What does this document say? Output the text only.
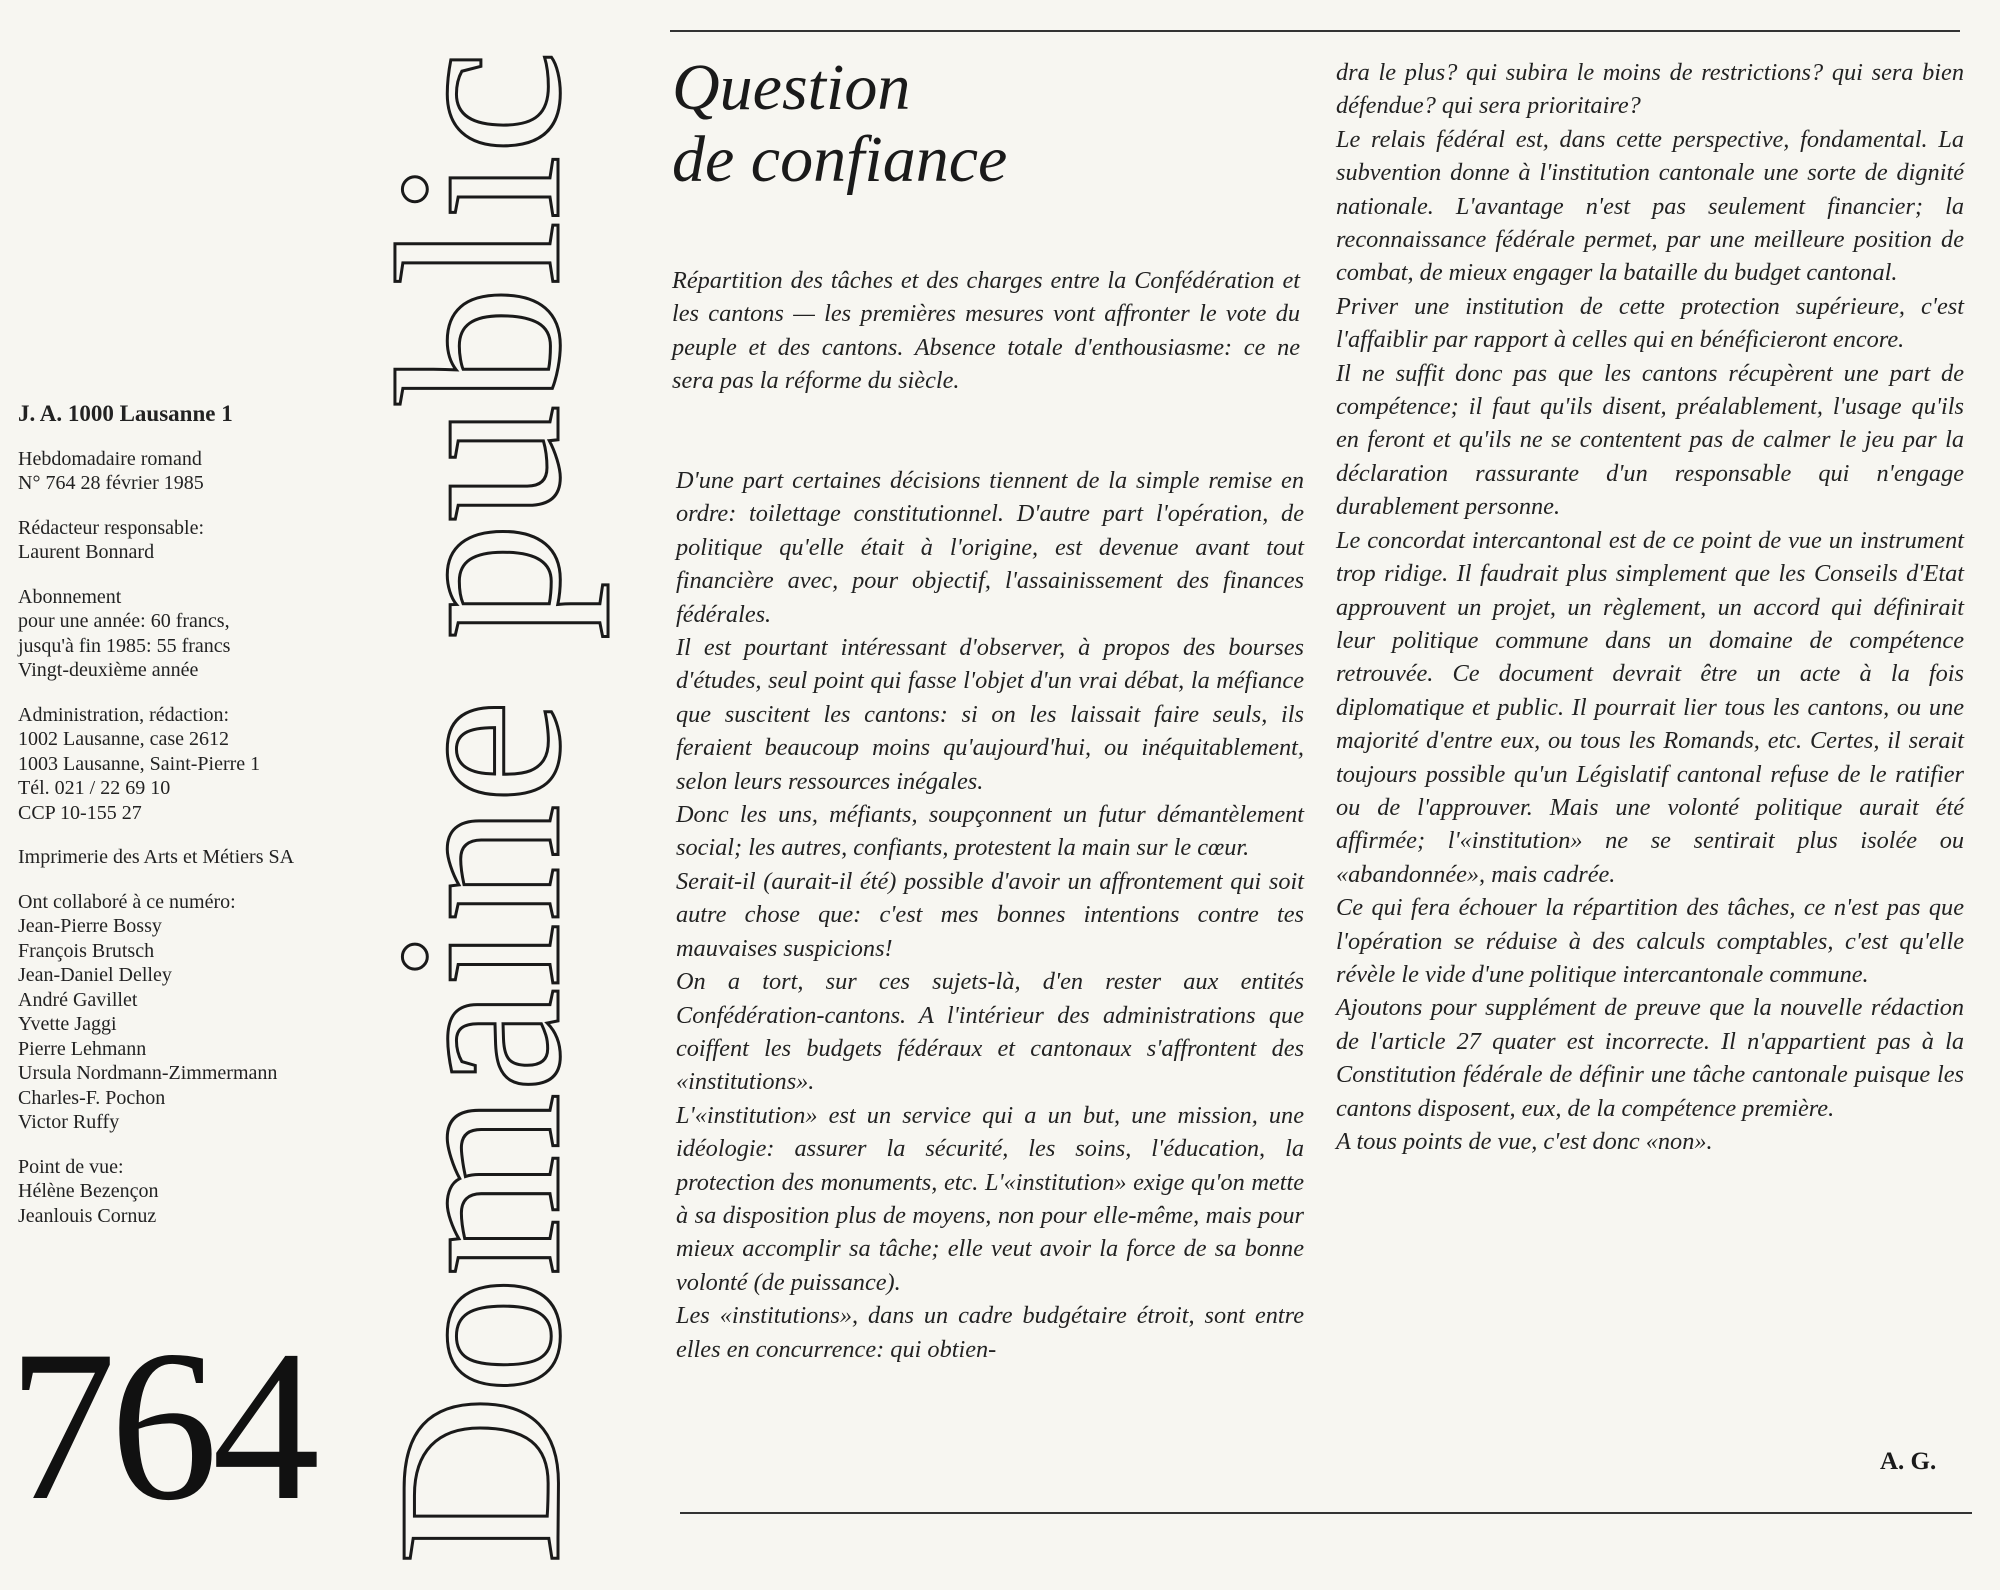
J. A. 1000 Lausanne 1
Hebdomadaire romand
N° 764 28 février 1985
Rédacteur responsable:
Laurent Bonnard
Abonnement
pour une année: 60 francs,
jusqu'à fin 1985: 55 francs
Vingt-deuxième année
Administration, rédaction:
1002 Lausanne, case 2612
1003 Lausanne, Saint-Pierre 1
Tél. 021 / 22 69 10
CCP 10-155 27
Imprimerie des Arts et Métiers SA
Ont collaboré à ce numéro:
Jean-Pierre Bossy
François Brutsch
Jean-Daniel Delley
André Gavillet
Yvette Jaggi
Pierre Lehmann
Ursula Nordmann-Zimmermann
Charles-F. Pochon
Victor Ruffy
Point de vue:
Hélène Bezençon
Jeanlouis Cornuz
764 Domaine public Question
de confiance
Répartition des tâches et des charges entre la Confédération et les cantons — les premières mesures vont affronter le vote du peuple et des cantons. Absence totale d'enthousiasme: ce ne sera pas la réforme du siècle.

D'une part certaines décisions tiennent de la simple remise en ordre: toilettage constitutionnel. D'autre part l'opération, de politique qu'elle était à l'origine, est devenue avant tout financière avec, pour objectif, l'assainissement des finances fédérales.

Il est pourtant intéressant d'observer, à propos des bourses d'études, seul point qui fasse l'objet d'un vrai débat, la méfiance que suscitent les cantons: si on les laissait faire seuls, ils feraient beaucoup moins qu'aujourd'hui, ou inéquitablement, selon leurs ressources inégales.

Donc les uns, méfiants, soupçonnent un futur démantèlement social; les autres, confiants, protestent la main sur le cœur.

Serait-il (aurait-il été) possible d'avoir un affrontement qui soit autre chose que: c'est mes bonnes intentions contre tes mauvaises suspicions!

On a tort, sur ces sujets-là, d'en rester aux entités Confédération-cantons. A l'intérieur des administrations que coiffent les budgets fédéraux et cantonaux s'affrontent des «institutions».

L'«institution» est un service qui a un but, une mission, une idéologie: assurer la sécurité, les soins, l'éducation, la protection des monuments, etc. L'«institution» exige qu'on mette à sa disposition plus de moyens, non pour elle-même, mais pour mieux accomplir sa tâche; elle veut avoir la force de sa bonne volonté (de puissance).

Les «institutions», dans un cadre budgétaire étroit, sont entre elles en concurrence: qui obtien-

dra le plus? qui subira le moins de restrictions? qui sera bien défendue? qui sera prioritaire?

Le relais fédéral est, dans cette perspective, fondamental. La subvention donne à l'institution cantonale une sorte de dignité nationale. L'avantage n'est pas seulement financier; la reconnaissance fédérale permet, par une meilleure position de combat, de mieux engager la bataille du budget cantonal.

Priver une institution de cette protection supérieure, c'est l'affaiblir par rapport à celles qui en bénéficieront encore.

Il ne suffit donc pas que les cantons récupèrent une part de compétence; il faut qu'ils disent, préalablement, l'usage qu'ils en feront et qu'ils ne se contentent pas de calmer le jeu par la déclaration rassurante d'un responsable qui n'engage durablement personne.

Le concordat intercantonal est de ce point de vue un instrument trop ridige. Il faudrait plus simplement que les Conseils d'Etat approuvent un projet, un règlement, un accord qui définirait leur politique commune dans un domaine de compétence retrouvée. Ce document devrait être un acte à la fois diplomatique et public. Il pourrait lier tous les cantons, ou une majorité d'entre eux, ou tous les Romands, etc. Certes, il serait toujours possible qu'un Législatif cantonal refuse de le ratifier ou de l'approuver. Mais une volonté politique aurait été affirmée; l'«institution» ne se sentirait plus isolée ou «abandonnée», mais cadrée.

Ce qui fera échouer la répartition des tâches, ce n'est pas que l'opération se réduise à des calculs comptables, c'est qu'elle révèle le vide d'une politique intercantonale commune.

Ajoutons pour supplément de preuve que la nouvelle rédaction de l'article 27 quater est incorrecte. Il n'appartient pas à la Constitution fédérale de définir une tâche cantonale puisque les cantons disposent, eux, de la compétence première.

A tous points de vue, c'est donc «non».

A. G.
